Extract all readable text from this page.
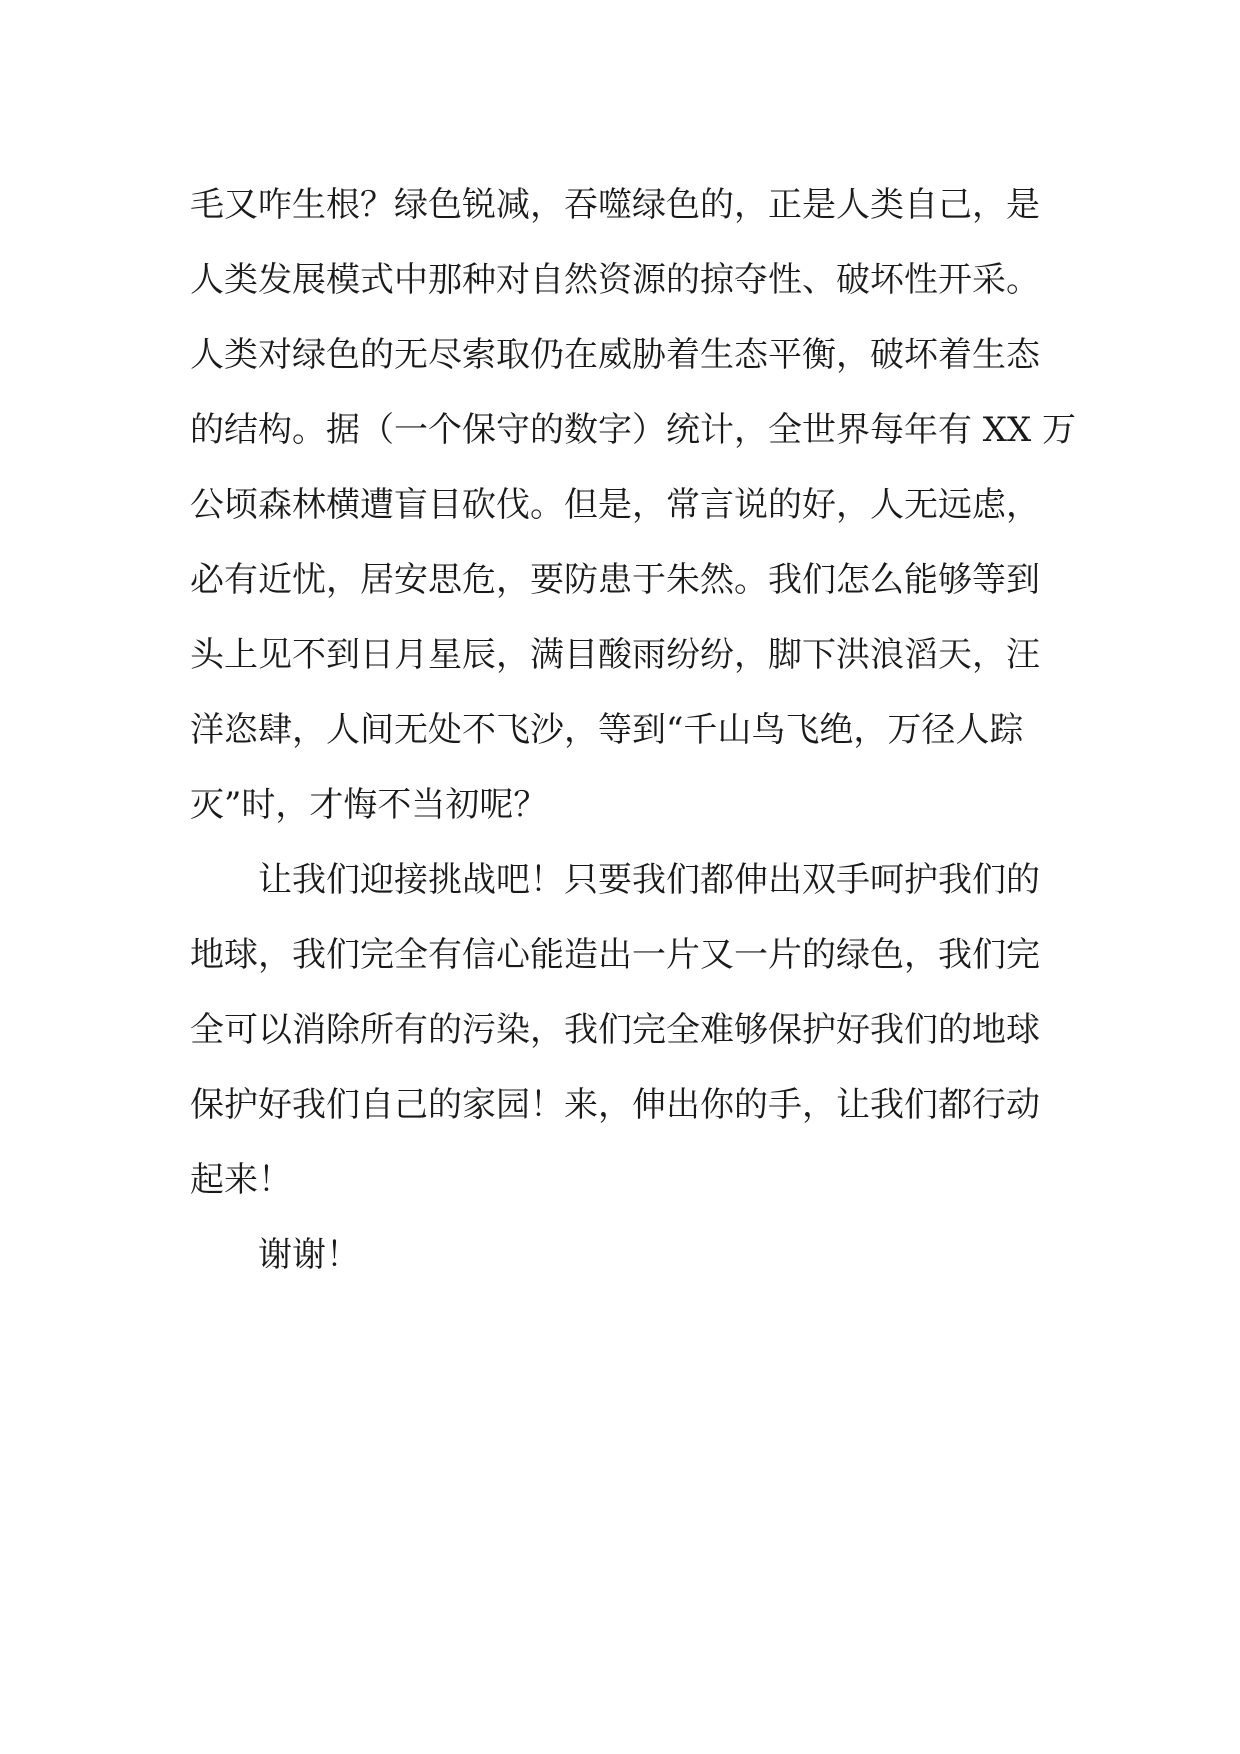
毛又咋生根？绿色锐减，吞噬绿色的，正是人类自己，是
人类发展模式中那种对自然资源的掠夺性、破坏性开采。
人类对绿色的无尽索取仍在威胁着生态平衡，破坏着生态
的结构。据（一个保守的数字）统计，全世界每年有 XX 万
公顷森林横遭盲目砍伐。但是，常言说的好，人无远虑，
必有近忧，居安思危，要防患于朱然。我们怎么能够等到
头上见不到日月星辰，满目酸雨纷纷，脚下洪浪滔天，汪
洋恣肆，人间无处不飞沙，等到“千山鸟飞绝，万径人踪
灭”时，才悔不当初呢？
让我们迎接挑战吧！只要我们都伸出双手呵护我们的
地球，我们完全有信心能造出一片又一片的绿色，我们完
全可以消除所有的污染，我们完全难够保护好我们的地球
保护好我们自己的家园！来，伸出你的手，让我们都行动
起来！
谢谢！
